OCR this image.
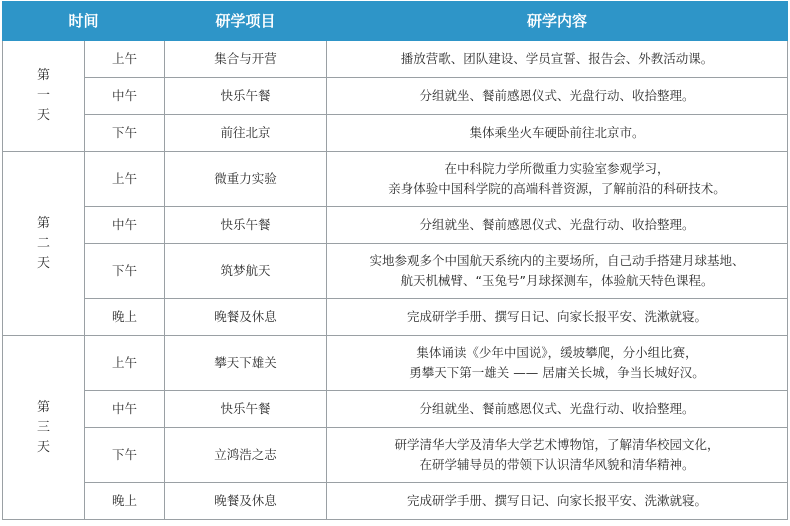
时间		研学项目	研学内容
第一天	上午	集合与开营	播放营歌、团队建设、学员宣誓、报告会、外教活动课。

	中午	快乐午餐	分组就坐、餐前感恩仪式、光盘行动、收拾整理。

	下午	前往北京	集体乘坐火车硬卧前往北京市。

第二天	上午	微重力实验	在中科院力学所微重力实验室参观学习，
亲身体验中国科学院的高端科普资源，了解前沿的科研技术。

	中午	快乐午餐	分组就坐、餐前感恩仪式、光盘行动、收拾整理。

	下午	筑梦航天	实地参观多个中国航天系统内的主要场所，自己动手搭建月球基地、
航天机械臂、“玉兔号”月球探测车，体验航天特色课程。

	晚上	晚餐及休息	完成研学手册、撰写日记、向家长报平安、洗漱就寝。

第三天	上午	攀天下雄关	集体诵读《少年中国说》，缓坡攀爬，分小组比赛，
勇攀天下第一雄关 —— 居庸关长城，争当长城好汉。

	中午	快乐午餐	分组就坐、餐前感恩仪式、光盘行动、收拾整理。

	下午	立鸿浩之志	研学清华大学及清华大学艺术博物馆，了解清华校园文化，
在研学辅导员的带领下认识清华风貌和清华精神。

	晚上	晚餐及休息	完成研学手册、撰写日记、向家长报平安、洗漱就寝。
